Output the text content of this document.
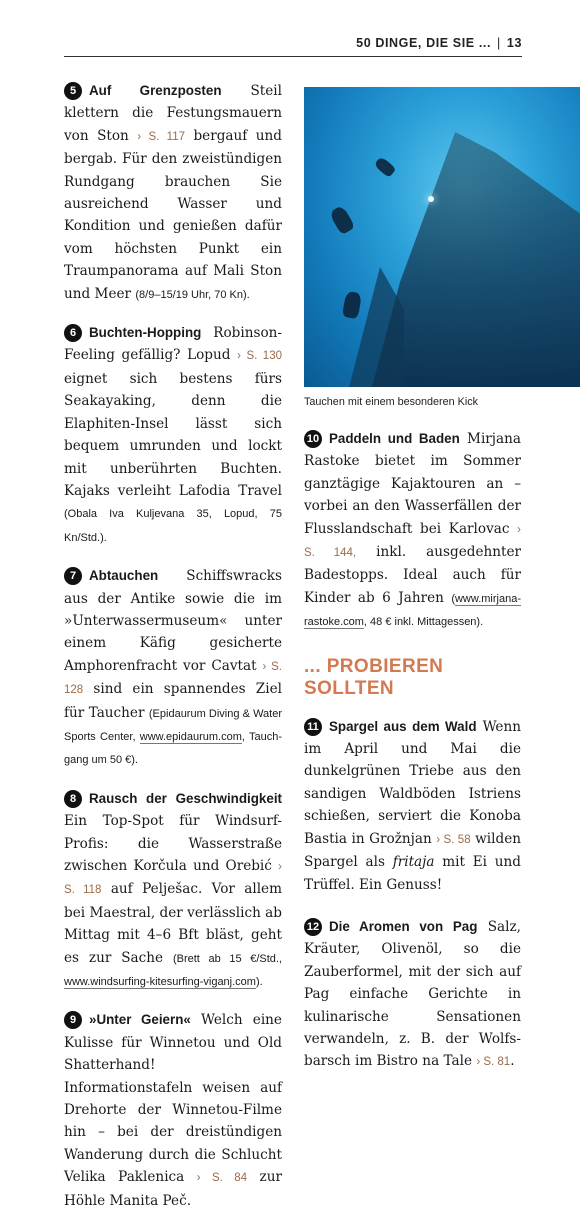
50 DINGE, DIE SIE ... | 13

5 Auf Grenzposten Steil klettern die Festungsmauern von Ston › S. 117 bergauf und bergab. Für den zweistündigen Rundgang brauchen Sie ausreichend Wasser und Kondition und genießen dafür vom höchsten Punkt ein Traumpanorama auf Mali Ston und Meer (8/9–15/19 Uhr, 70 Kn).

6 Buchten-Hopping Robinson-Feeling gefällig? Lopud › S. 130 eignet sich bestens fürs Seakayaking, denn die Elaphiten-Insel lässt sich bequem umrunden und lockt mit unberührten Buchten. Kajaks verleiht Lafodia Travel (Obala Iva Kuljevana 35, Lopud, 75 Kn/Std.).

7 Abtauchen Schiffswracks aus der Antike sowie die im »Unterwassermuseum« unter einem Käfig gesicherte Amphorenfracht vor Cavtat › S. 128 sind ein spannendes Ziel für Taucher (Epidaurum Diving & Water Sports Center, www.epidaurum.com, Tauchgang um 50 €).

8 Rausch der Geschwindigkeit Ein Top-Spot für Windsurf-Profis: die Wasserstraße zwischen Korčula und Orebić › S. 118 auf Pelješac. Vor allem bei Maestral, der verlässlich ab Mittag mit 4–6 Bft bläst, geht es zur Sache (Brett ab 15 €/Std., www.windsurfing-kitesurfing-viganj.com).

9 »Unter Geiern« Welch eine Kulisse für Winnetou und Old Shatterhand! Informationstafeln weisen auf Drehorte der Winnetou-Filme hin – bei der dreistündigen Wanderung durch die Schlucht Velika Paklenica › S. 84 zur Höhle Manita Peč.

Tauchen mit einem besonderen Kick

10 Paddeln und Baden Mirjana Rastoke bietet im Sommer ganztägige Kajaktouren an – vorbei an den Wasserfällen der Flusslandschaft bei Karlovac › S. 144, inkl. ausgedehnter Badestopps. Ideal auch für Kinder ab 6 Jahren (www.mirjana-rastoke.com, 48 € inkl. Mittagessen).

... PROBIEREN SOLLTEN

11 Spargel aus dem Wald Wenn im April und Mai die dunkelgrünen Triebe aus den sandigen Waldböden Istriens schießen, serviert die Konoba Bastia in Grožnjan › S. 58 wilden Spargel als fritaja mit Ei und Trüffel. Ein Genuss!

12 Die Aromen von Pag Salz, Kräuter, Olivenöl, so die Zauberformel, mit der sich auf Pag einfache Gerichte in kulinarische Sensationen verwandeln, z. B. der Wolfsbarsch im Bistro na Tale › S. 81.
